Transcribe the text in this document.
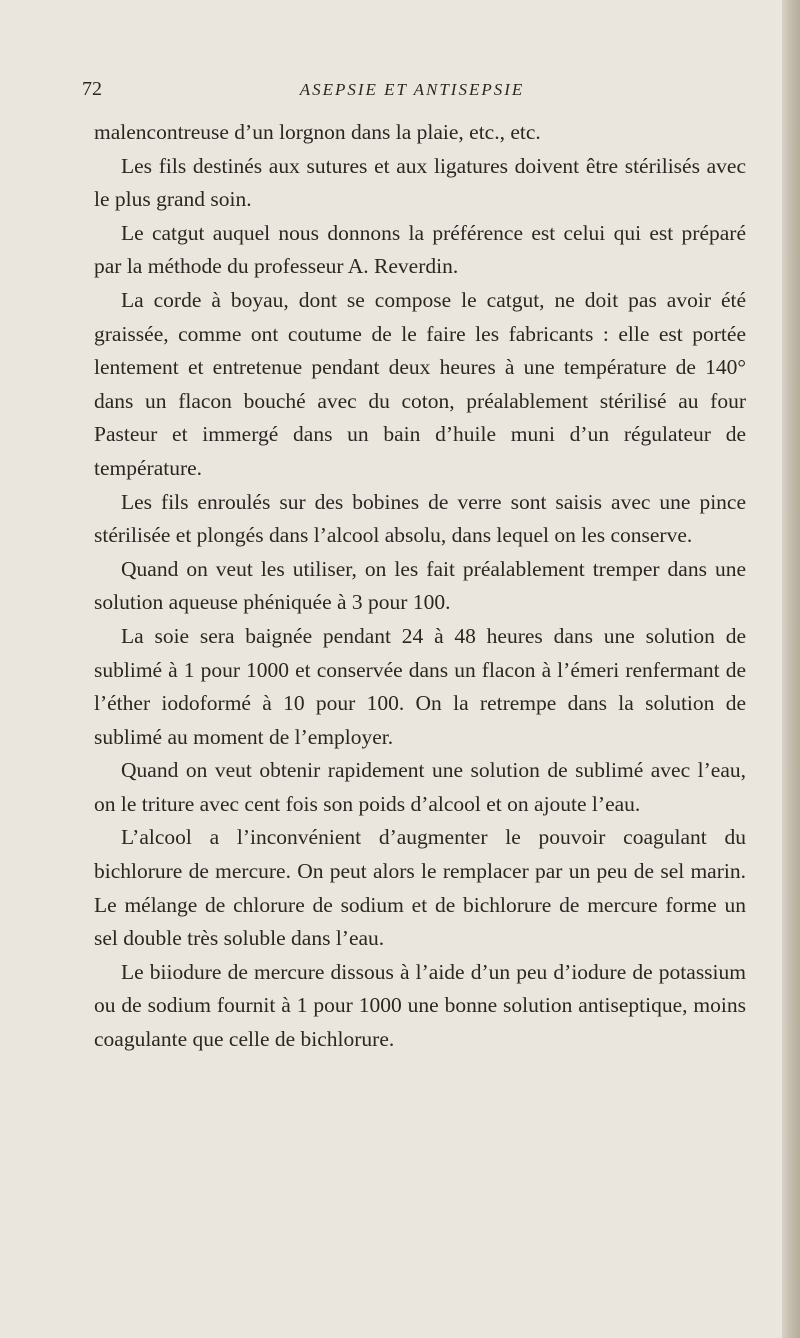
72	ASEPSIE ET ANTISEPSIE

malencontreuse d’un lorgnon dans la plaie, etc., etc.

Les fils destinés aux sutures et aux ligatures doivent être stérilisés avec le plus grand soin.

Le catgut auquel nous donnons la préférence est celui qui est préparé par la méthode du professeur A. Reverdin.

La corde à boyau, dont se compose le catgut, ne doit pas avoir été graissée, comme ont coutume de le faire les fabricants : elle est portée lentement et entretenue pendant deux heures à une température de 140° dans un flacon bouché avec du coton, préalablement stérilisé au four Pasteur et immergé dans un bain d’huile muni d’un régulateur de température.

Les fils enroulés sur des bobines de verre sont saisis avec une pince stérilisée et plongés dans l’alcool absolu, dans lequel on les conserve.

Quand on veut les utiliser, on les fait préalablement tremper dans une solution aqueuse phéniquée à 3 pour 100.

La soie sera baignée pendant 24 à 48 heures dans une solution de sublimé à 1 pour 1000 et conservée dans un flacon à l’émeri renfermant de l’éther iodoformé à 10 pour 100. On la retrempe dans la solution de sublimé au moment de l’employer.

Quand on veut obtenir rapidement une solution de sublimé avec l’eau, on le triture avec cent fois son poids d’alcool et on ajoute l’eau.

L’alcool a l’inconvénient d’augmenter le pouvoir coagulant du bichlorure de mercure. On peut alors le remplacer par un peu de sel marin. Le mélange de chlorure de sodium et de bichlorure de mercure forme un sel double très soluble dans l’eau.

Le biiodure de mercure dissous à l’aide d’un peu d’iodure de potassium ou de sodium fournit à 1 pour 1000 une bonne solution antiseptique, moins coagulante que celle de bichlorure.
